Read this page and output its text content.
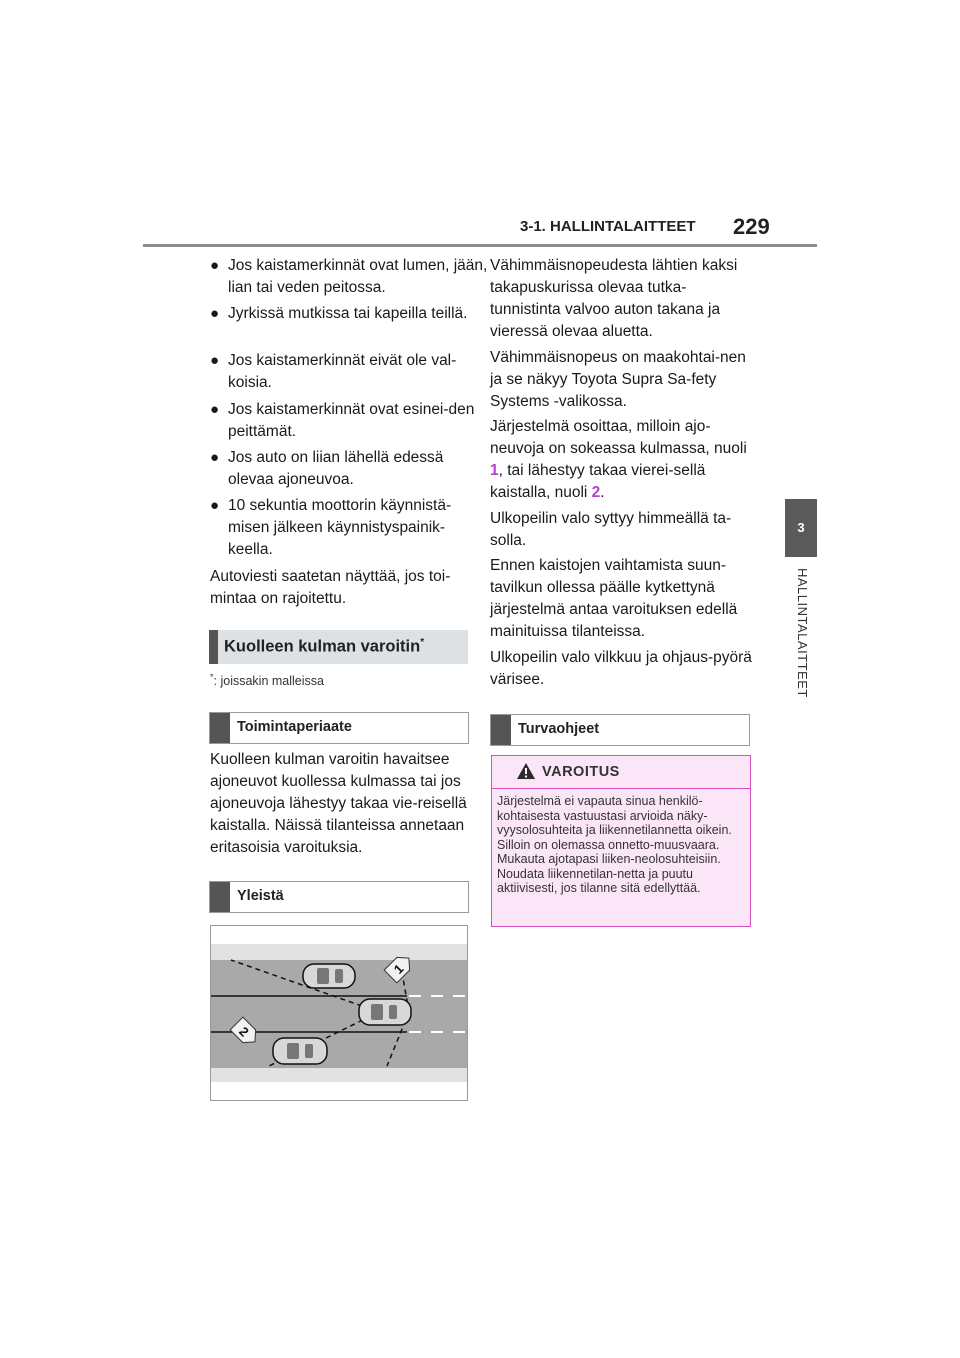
3-1. HALLINTALAITTEET 229
3
HALLINTALAITTEET
● Jos kaistamerkinnät ovat lumen, jään, lian tai veden peitossa.
● Jyrkissä mutkissa tai kapeilla teillä.
● Jos kaistamerkinnät eivät ole val-koisia.
● Jos kaistamerkinnät ovat esinei-den peittämät.
● Jos auto on liian lähellä edessä olevaa ajoneuvoa.
● 10 sekuntia moottorin käynnistä-misen jälkeen käynnistyspainik-keella.
Autoviesti saatetan näyttää, jos toi-mintaa on rajoitettu.
Kuolleen kulman varoitin*
*: joissakin malleissa
Toimintaperiaate
Kuolleen kulman varoitin havaitsee ajoneuvot kuollessa kulmassa tai jos ajoneuvoja lähestyy takaa vie-reisellä kaistalla. Näissä tilanteissa annetaan eritasoisia varoituksia.
Yleistä
1
2
Vähimmäisnopeudesta lähtien kaksi takapuskurissa olevaa tutka-tunnistinta valvoo auton takana ja vieressä olevaa aluetta.
Vähimmäisnopeus on maakohtai-nen ja se näkyy Toyota Supra Sa-fety Systems -valikossa.
Järjestelmä osoittaa, milloin ajo-neuvoja on sokeassa kulmassa, nuoli 1, tai lähestyy takaa vierei-sellä kaistalla, nuoli 2.
Ulkopeilin valo syttyy himmeällä ta-solla.
Ennen kaistojen vaihtamista suun-tavilkun ollessa päälle kytkettynä järjestelmä antaa varoituksen edellä mainituissa tilanteissa.
Ulkopeilin valo vilkkuu ja ohjaus-pyörä värisee.
Turvaohjeet
VAROITUS
Järjestelmä ei vapauta sinua henkilö-kohtaisesta vastuustasi arvioida näky-vyysolosuhteita ja liikennetilannetta oikein. Silloin on olemassa onnetto-muusvaara. Mukauta ajotapasi liiken-neolosuhteisiin. Noudata liikennetilan-netta ja puutu aktiivisesti, jos tilanne sitä edellyttää.
